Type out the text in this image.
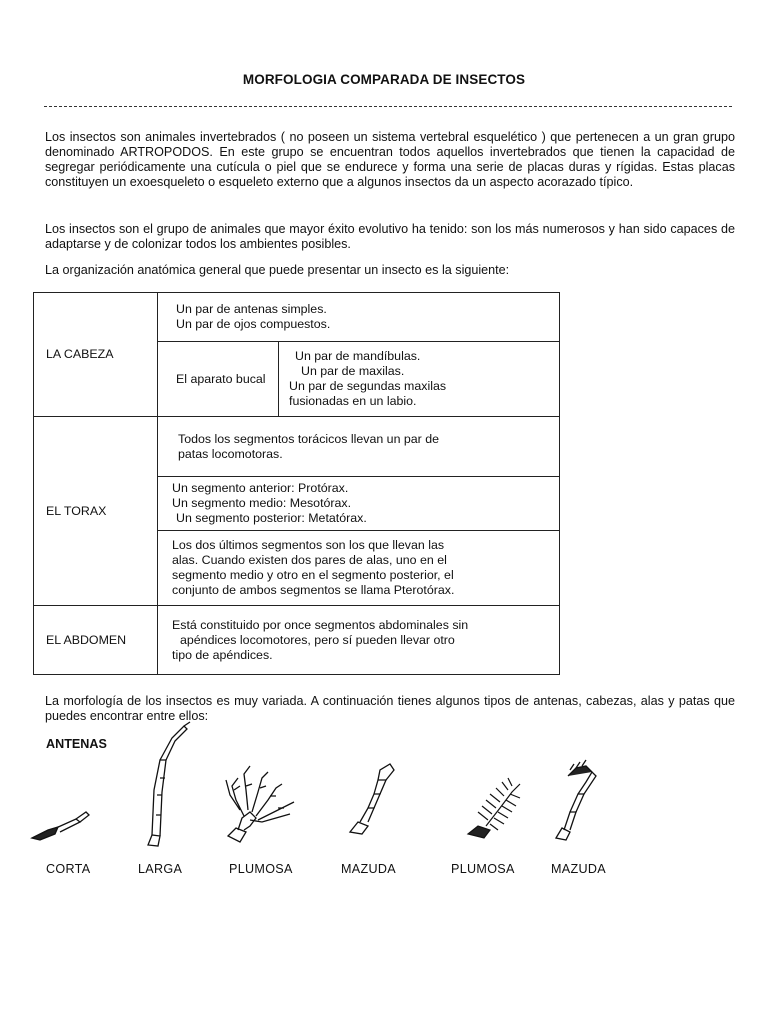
MORFOLOGIA COMPARADA DE INSECTOS

Los insectos son animales invertebrados ( no poseen un sistema vertebral esquelético ) que pertenecen a un gran grupo denominado ARTROPODOS. En este grupo se encuentran todos aquellos invertebrados que tienen la capacidad de segregar periódicamente una cutícula o piel que se endurece y forma una serie de placas duras y rígidas. Estas placas constituyen un exoesqueleto o esqueleto externo que a algunos insectos da un aspecto acorazado típico.

Los insectos son el grupo de animales que mayor éxito evolutivo ha tenido: son los más numerosos y han sido capaces de adaptarse y de colonizar todos los ambientes posibles.

La organización anatómica general que puede presentar un insecto es la siguiente:

LA CABEZA	Un par de antenas simples.
Un par de ojos compuestos.	

	El aparato bucal	Un par de mandíbulas.
Un par de maxilas.
Un par de segundas maxilas
fusionadas en un labio.

EL TORAX	Todos los segmentos torácicos llevan un par de
patas locomotoras.	

	Un segmento anterior: Protórax.
Un segmento medio: Mesotórax.
Un segmento posterior: Metatórax.	

	Los dos últimos segmentos son los que llevan las
alas. Cuando existen dos pares de alas, uno en el
segmento medio y otro en el segmento posterior, el
conjunto de ambos segmentos se llama Pterotórax.	

EL ABDOMEN	Está constituido por once segmentos abdominales sin
apéndices locomotores, pero sí pueden llevar otro
tipo de apéndices.	

La morfología de los insectos es muy variada. A continuación tienes algunos tipos de antenas, cabezas, alas y patas que puedes encontrar entre ellos:

ANTENAS
CORTA	LARGA	PLUMOSA	MAZUDA	PLUMOSA	MAZUDA
